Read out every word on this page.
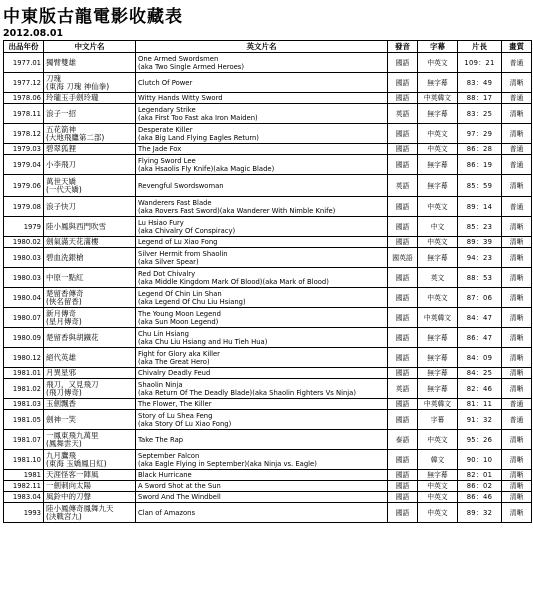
中東版古龍電影收藏表
2012.08.01
出品年份	中文片名	英文片名	發音	字幕	片長	畫質
1977.01	獨臂雙雄	One Armed Swordsmen
(aka Two Single Armed Heroes)	國語	中英文	109：21	普通
1977.12	刀瑰
(東海 刀瑰 神仙拳)	Clutch Of Power	國語	無字幕	83：49	清晰
1978.06	玲瓏玉手劍玲瓏	Witty Hands Witty Sword	國語	中英韓文	88：17	普通
1978.11	浪子一招	Legendary Strike
(aka First Too Fast aka Iron Maiden)	英語	無字幕	83：25	清晰
1978.12	五花箭神
(大地飛鷹第二部)	Desperate Killer
(aka Big Land Flying Eagles Return)	國語	中英文	97：29	清晰
1979.03	碧翠狐狸	The Jade Fox	國語	中英文	86：28	普通
1979.04	小李飛刀	Flying Sword Lee
(aka Hsaolis Fly Knife)(aka Magic Blade)	國語	無字幕	86：19	普通
1979.06	萬世天嬌
(一代天嬌)	Revengful Swordswoman	英語	無字幕	85：59	清晰
1979.08	浪子快刀	Wanderers Fast Blade
(aka Rovers Fast Sword)(aka Wanderer With Nimble Knife)	國語	中英文	89：14	普通
1979	陸小鳳與西門吹雪	Lu Hsiao Fury
(aka Chivalry Of Conspiracy)	國語	中文	85：23	清晰
1980.02	劍氣滿天花滿樓	Legend of Lu Xiao Fong	國語	中英文	89：39	清晰
1980.03	碧血洗銀槍	Silver Hermit from Shaolin
(aka Silver Spear)	國英語	無字幕	94：23	清晰
1980.03	中原一點紅	Red Dot Chivalry
(aka Middle Kingdom Mark Of Blood)(aka Mark of Blood)	國語	英文	88：53	清晰
1980.04	楚留香傳奇
(俠名留香)	Legend Of Chin Lin Shan
(aka Legend Of Chu Liu Hsiang)	國語	中英文	87：06	清晰
1980.07	新月傳奇
(星月傳奇)	The Young Moon Legend
(aka Sun Moon Legend)	國語	中英韓文	84：47	清晰
1980.09	楚留香與胡鐵花	Chu Lin Hsiang
(aka Chu Liu Hsiang and Hu Tieh Hua)	國語	無字幕	86：47	清晰
1980.12	絕代英雄	Fight for Glory aka Killer
(aka The Great Hero)	國語	無字幕	84：09	清晰
1981.01	月異星邪	Chivalry Deadly Feud	國語	無字幕	84：25	清晰
1981.02	飛刀，又見飛刀
(飛刀傳奇)	Shaolin Ninja
(aka Return Of The Deadly Blade)(aka Shaolin Fighters Vs Ninja)	英語	無字幕	82：46	清晰
1981.03	玉劍飄香	The Flower, The Killer	國語	中英韓文	81：11	普通
1981.05	劍神一笑	Story of Lu Shea Feng
(aka Story Of Lu Xiao Fong)	國語	字幕	91：32	普通
1981.07	一鳳東飛九萬里
(鳳舞雲天)	Take The Rap	泰語	中英文	95：26	清晰
1981.10	九月鷹飛
(東海 玉嬌鳳日紅)	September Falcon
(aka Eagle Flying in September)(aka Ninja vs. Eagle)	國語	韓文	90：10	清晰
1981	天涯怪客一陣風	Black Hurricane	國語	無字幕	82：01	清晰
1982.11	一劍刺向太陽	A Sword Shot at the Sun	國語	中英文	86：02	清晰
1983.04	風鈴中的刀聲	Sword And The Windbell	國語	中英文	86：46	清晰
1993	陸小鳳傳奇鳳舞九天
(決戰宮九)	Clan of Amazons	國語	中英文	89：32	清晰
